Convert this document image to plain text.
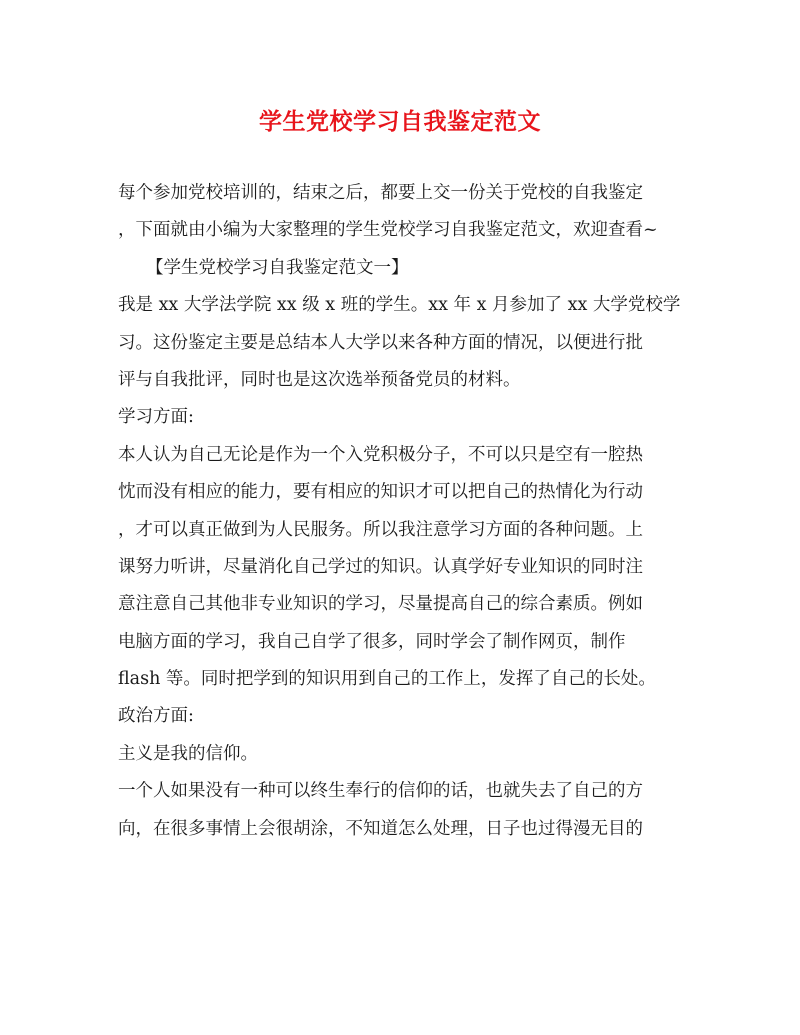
学生党校学习自我鉴定范文
每个参加党校培训的，结束之后，都要上交一份关于党校的自我鉴定
，下面就由小编为大家整理的学生党校学习自我鉴定范文，欢迎查看~
【学生党校学习自我鉴定范文一】
我是 xx 大学法学院 xx 级 x 班的学生。xx 年 x 月参加了 xx 大学党校学
习。这份鉴定主要是总结本人大学以来各种方面的情况，以便进行批
评与自我批评，同时也是这次选举预备党员的材料。
学习方面:
本人认为自己无论是作为一个入党积极分子，不可以只是空有一腔热
忱而没有相应的能力，要有相应的知识才可以把自己的热情化为行动
，才可以真正做到为人民服务。所以我注意学习方面的各种问题。上
课努力听讲，尽量消化自己学过的知识。认真学好专业知识的同时注
意注意自己其他非专业知识的学习，尽量提高自己的综合素质。例如
电脑方面的学习，我自己自学了很多，同时学会了制作网页，制作
flash 等。同时把学到的知识用到自己的工作上，发挥了自己的长处。
政治方面:
主义是我的信仰。
一个人如果没有一种可以终生奉行的信仰的话，也就失去了自己的方
向，在很多事情上会很胡涂，不知道怎么处理，日子也过得漫无目的
